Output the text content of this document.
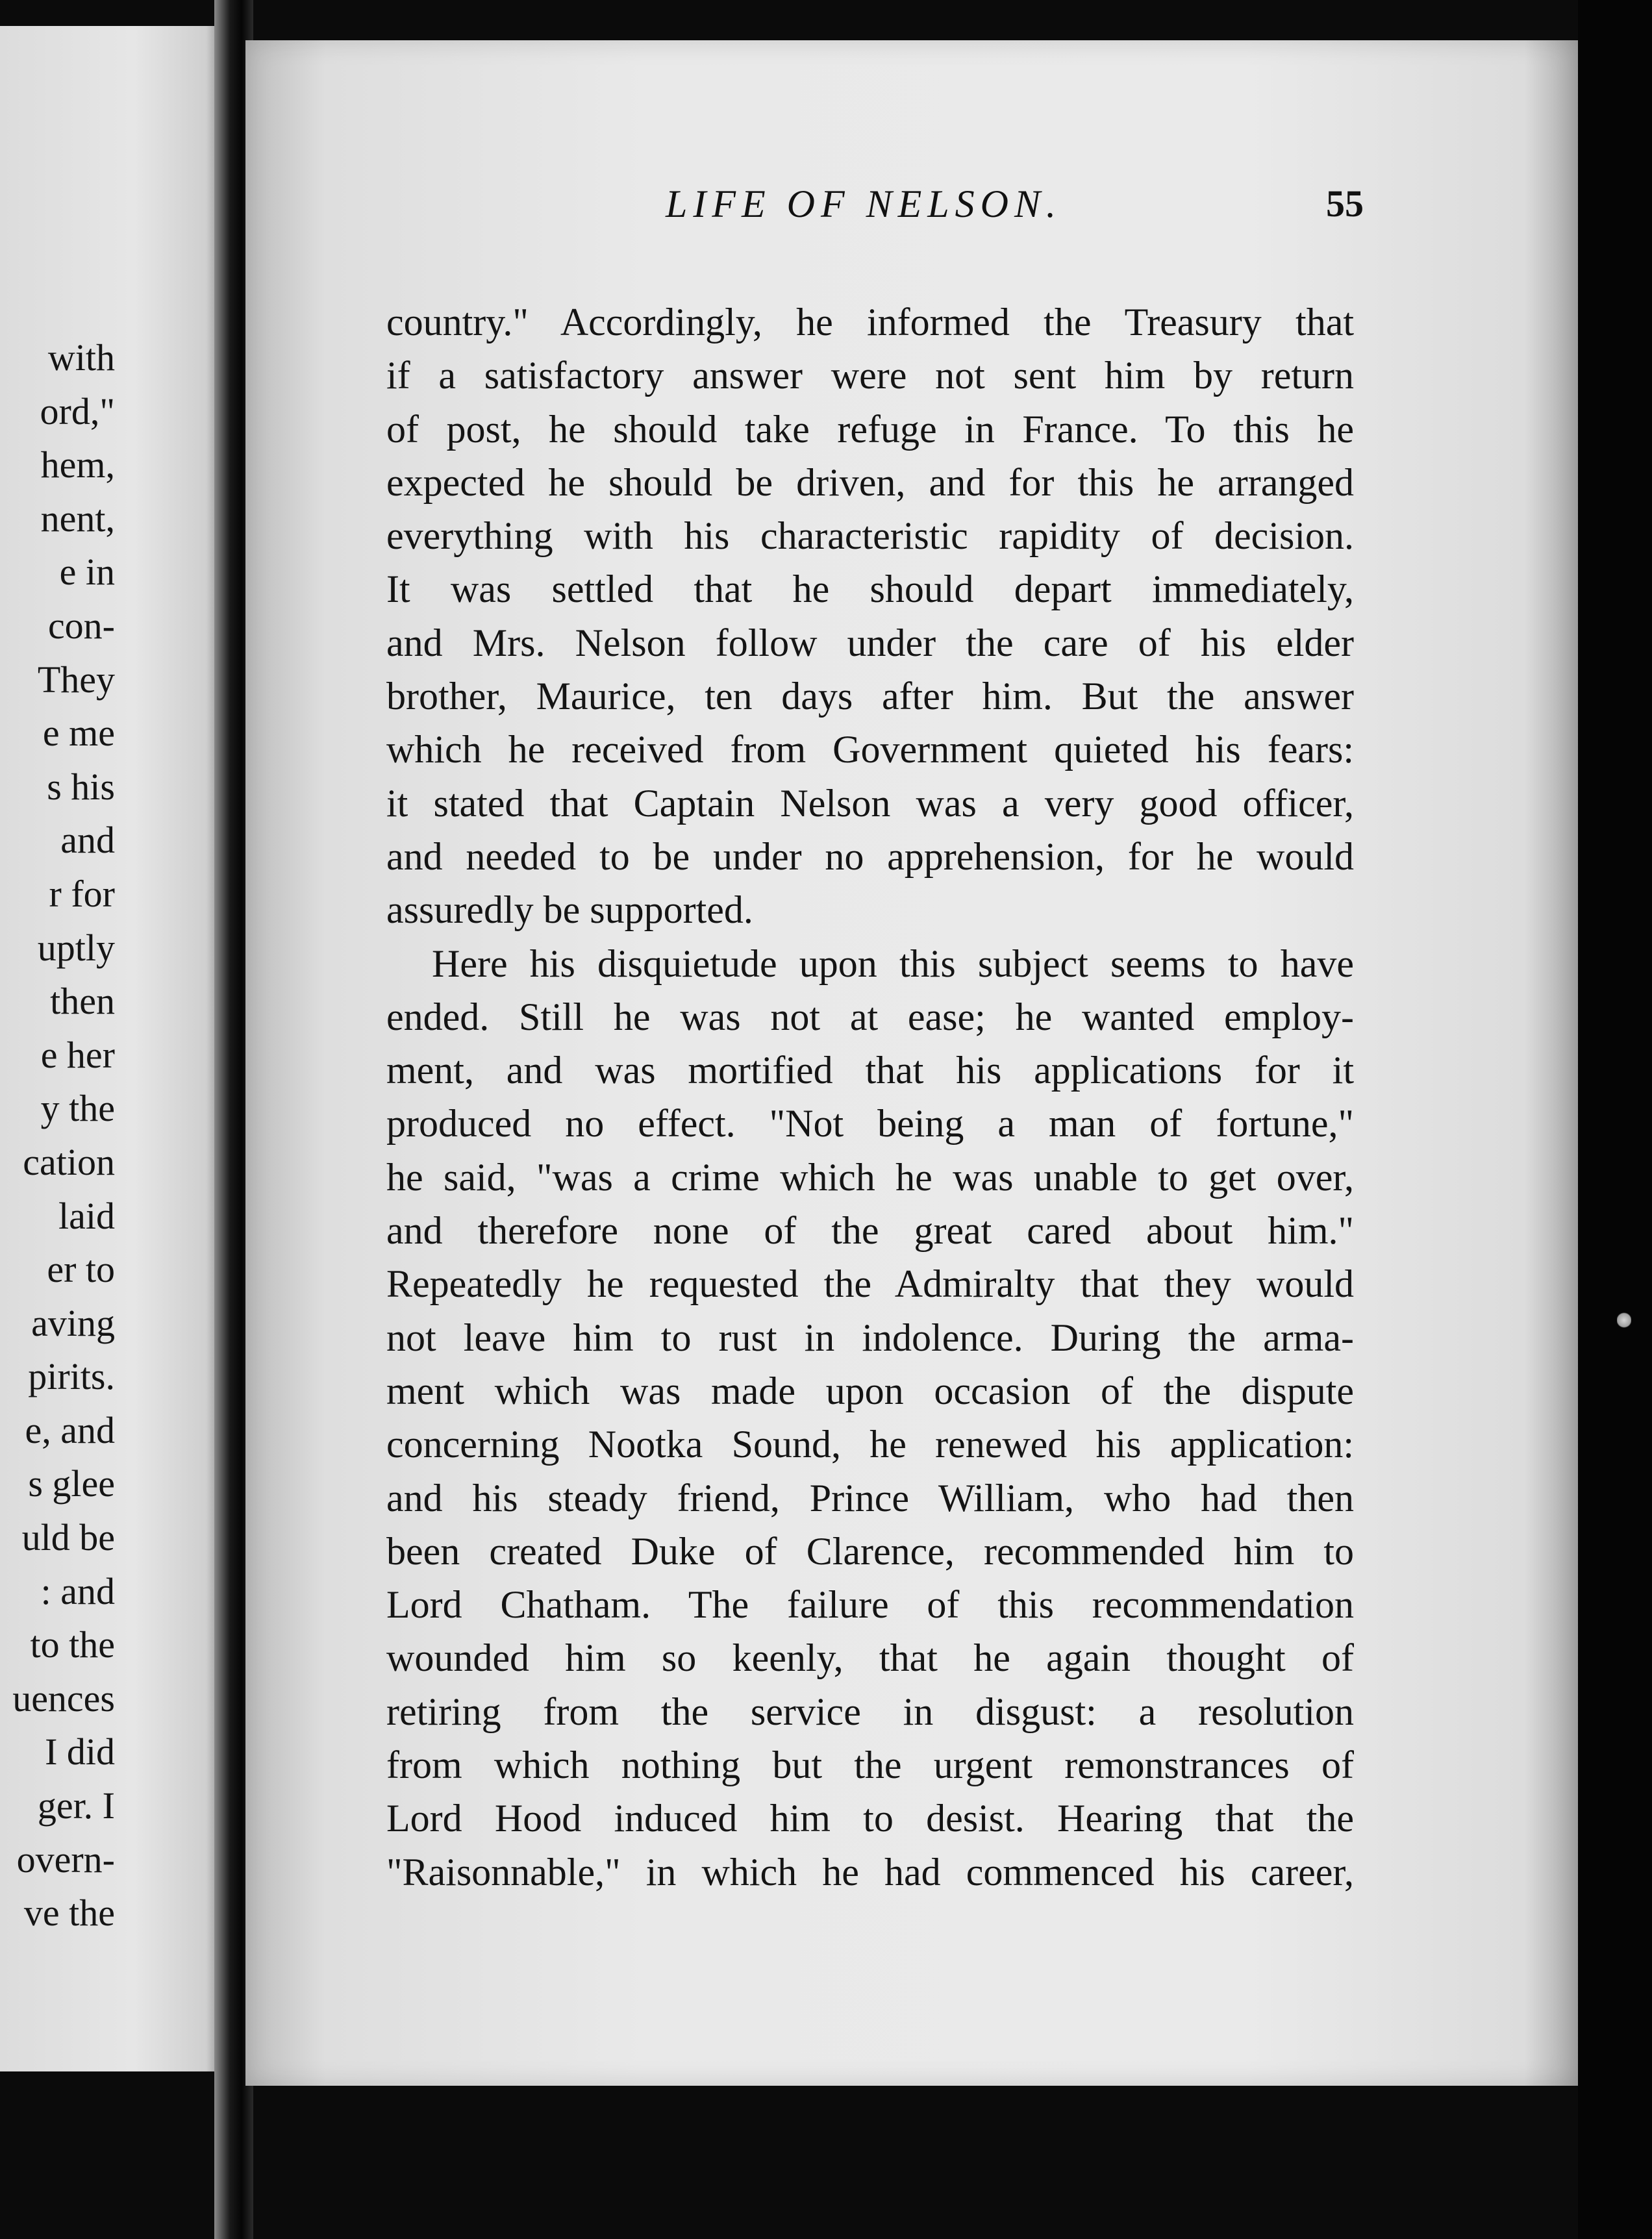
with
ord,"
hem,
nent,
e in
con-
They
e me
s his
and
r for
uptly
then
e her
y the
cation
laid
er to
aving
pirits.
e, and
s glee
uld be
: and
to the
uences
I did
ger. I
overn-
ve the
LIFE OF NELSON.	55
country." Accordingly, he informed the Treasury that
if a satisfactory answer were not sent him by return
of post, he should take refuge in France. To this he
expected he should be driven, and for this he arranged
everything with his characteristic rapidity of decision.
It was settled that he should depart immediately,
and Mrs. Nelson follow under the care of his elder
brother, Maurice, ten days after him. But the answer
which he received from Government quieted his fears:
it stated that Captain Nelson was a very good officer,
and needed to be under no apprehension, for he would
assuredly be supported.
Here his disquietude upon this subject seems to have
ended. Still he was not at ease; he wanted employ-
ment, and was mortified that his applications for it
produced no effect. "Not being a man of fortune,"
he said, "was a crime which he was unable to get over,
and therefore none of the great cared about him."
Repeatedly he requested the Admiralty that they would
not leave him to rust in indolence. During the arma-
ment which was made upon occasion of the dispute
concerning Nootka Sound, he renewed his application:
and his steady friend, Prince William, who had then
been created Duke of Clarence, recommended him to
Lord Chatham. The failure of this recommendation
wounded him so keenly, that he again thought of
retiring from the service in disgust: a resolution
from which nothing but the urgent remonstrances of
Lord Hood induced him to desist. Hearing that the
"Raisonnable," in which he had commenced his career,
